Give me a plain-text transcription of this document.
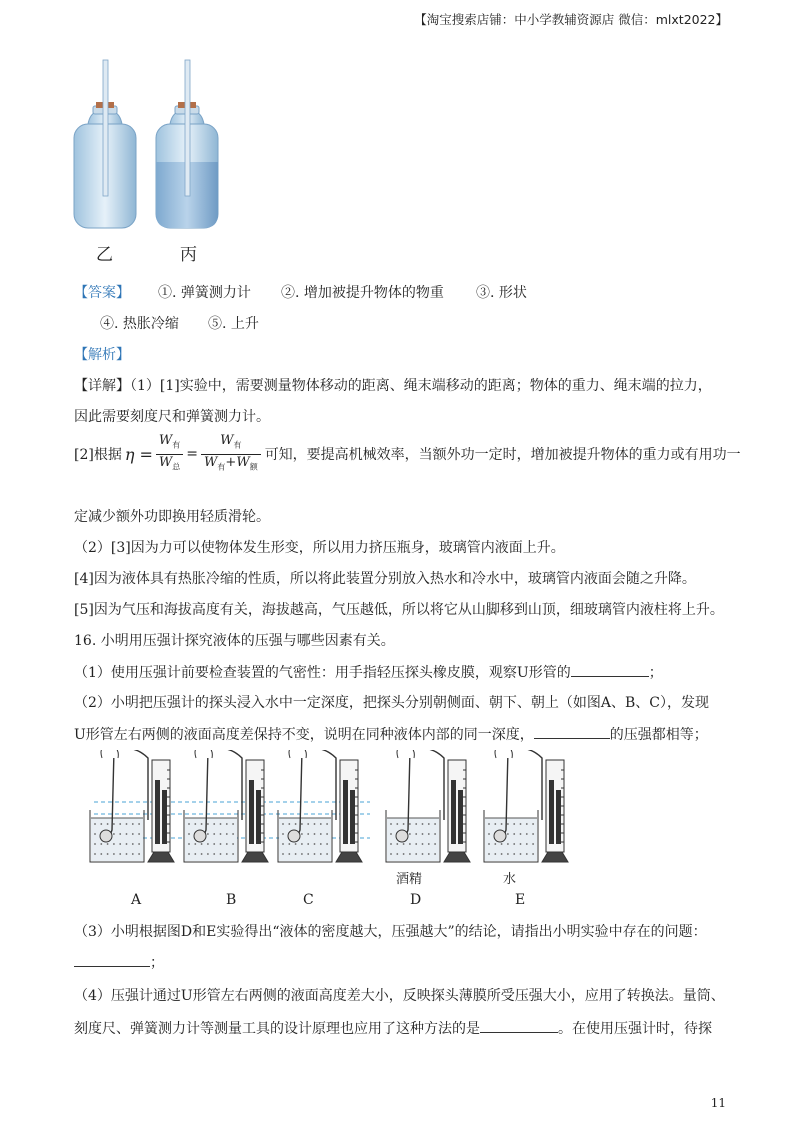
【淘宝搜索店铺：中小学教辅资源店 微信：mlxt2022】
乙	丙
【答案】 ①. 弹簧测力计 ②. 增加被提升物体的物重 ③. 形状
④. 热胀冷缩 ⑤. 上升
【解析】
【详解】（1）[1]实验中，需要测量物体移动的距离、绳末端移动的距离；物体的重力、绳末端的拉力，
因此需要刻度尺和弹簧测力计。
[2]根据 $\eta = \frac{W_有}{W_总} = \frac{W_有}{W_有+W_额}$ 可知，要提高机械效率，当额外功一定时，增加被提升物体的重力或有用功一
定减少额外功即换用轻质滑轮。
（2）[3]因为力可以使物体发生形变，所以用力挤压瓶身，玻璃管内液面上升。
[4]因为液体具有热胀冷缩的性质，所以将此装置分别放入热水和冷水中，玻璃管内液面会随之升降。
[5]因为气压和海拔高度有关，海拔越高，气压越低，所以将它从山脚移到山顶，细玻璃管内液柱将上升。
16. 小明用压强计探究液体的压强与哪些因素有关。
（1）使用压强计前要检查装置的气密性：用手指轻压探头橡皮膜，观察U形管的	；
（2）小明把压强计的探头浸入水中一定深度，把探头分别朝侧面、朝下、朝上（如图A、B、C），发现
U形管左右两侧的液面高度差保持不变，说明在同种液体内部的同一深度，	的压强都相等；
A	B	C	D	E
酒精	水
（3）小明根据图D和E实验得出“液体的密度越大，压强越大”的结论，请指出小明实验中存在的问题：
；
（4）压强计通过U形管左右两侧的液面高度差大小，反映探头薄膜所受压强大小，应用了转换法。量筒、
刻度尺、弹簧测力计等测量工具的设计原理也应用了这种方法的是	。在使用压强计时，待探
11
